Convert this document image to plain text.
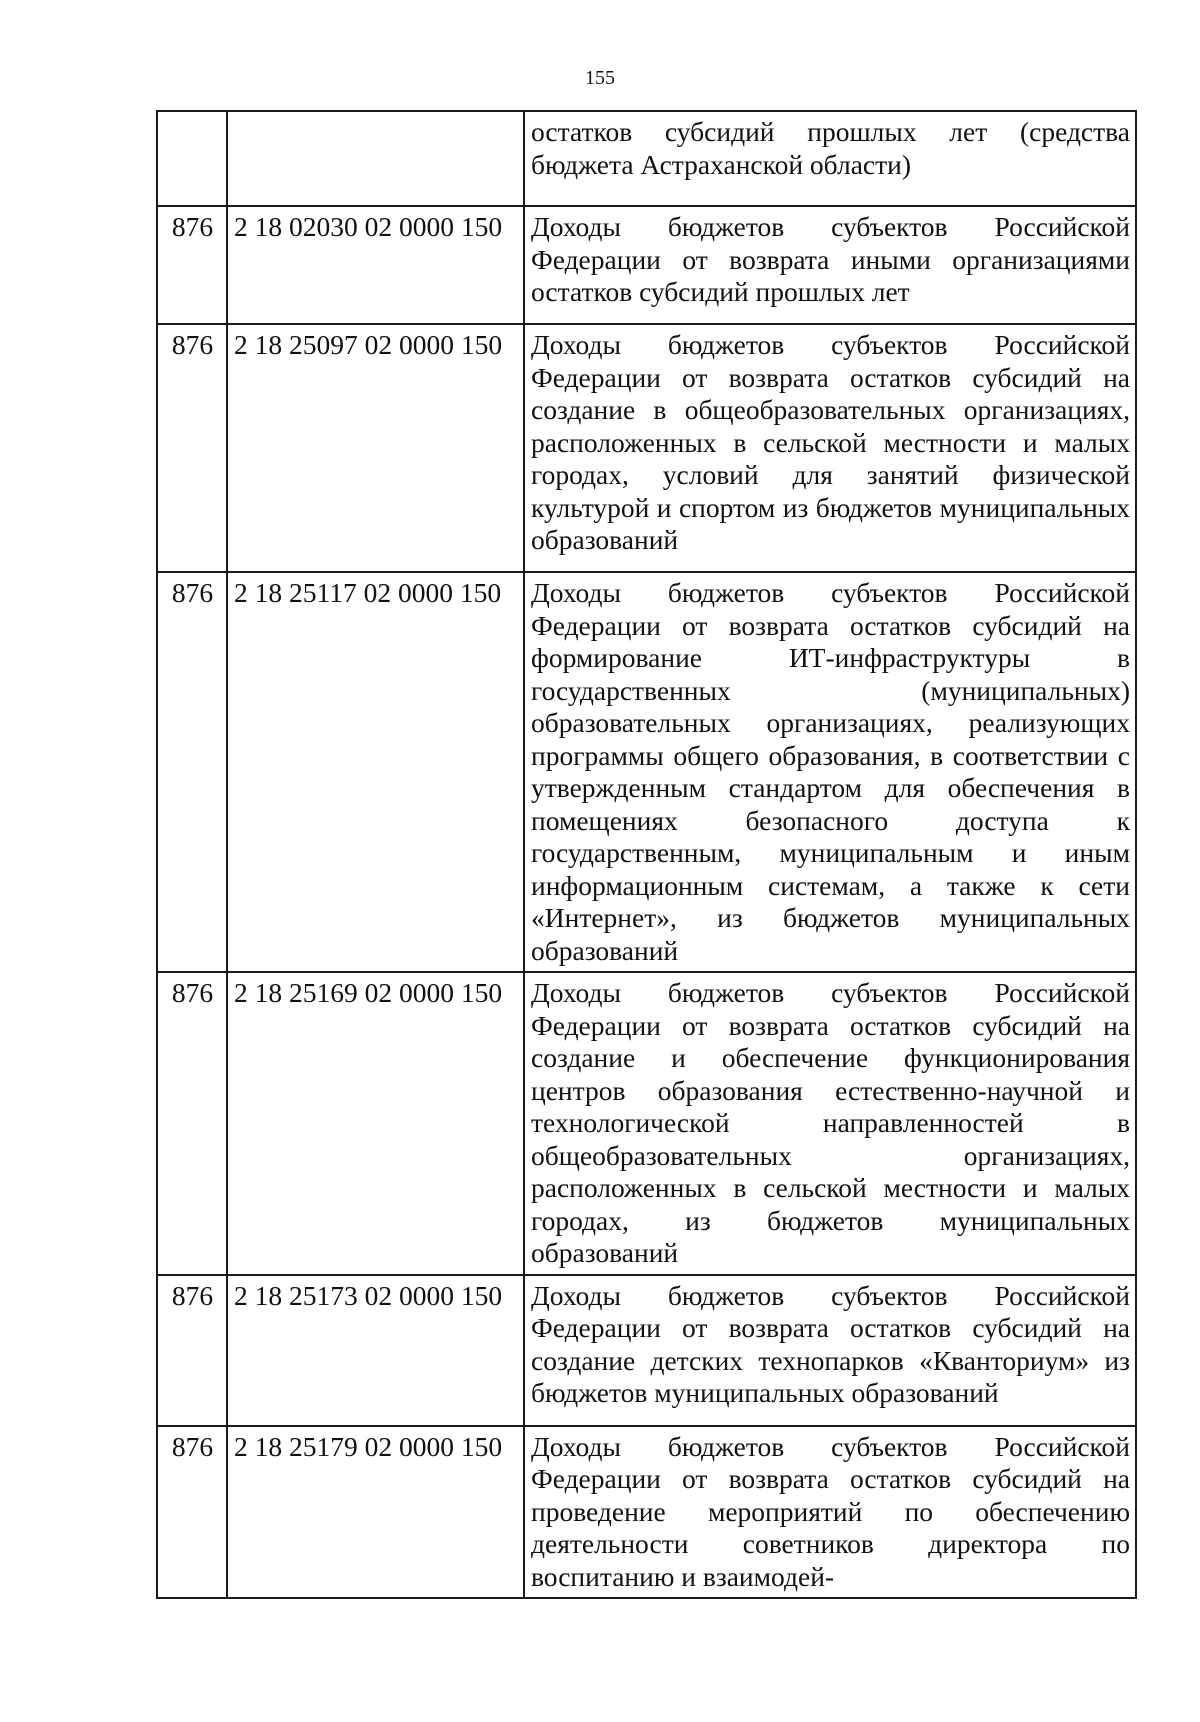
155
		остатков субсидий прошлых лет (средства бюджета Астраханской области)
876	2 18 02030 02 0000 150	Доходы бюджетов субъектов Российской Федерации от возврата иными организациями остатков субсидий прошлых лет
876	2 18 25097 02 0000 150	Доходы бюджетов субъектов Российской Федерации от возврата остатков субсидий на создание в общеобразовательных организациях, расположенных в сельской местности и малых городах, условий для занятий физической культурой и спортом из бюджетов муниципальных образований
876	2 18 25117 02 0000 150	Доходы бюджетов субъектов Российской Федерации от возврата остатков субсидий на формирование ИТ-инфраструктуры в государственных (муниципальных) образовательных организациях, реализующих программы общего образования, в соответствии с утвержденным стандартом для обеспечения в помещениях безопасного доступа к государственным, муниципальным и иным информационным системам, а также к сети «Интернет», из бюджетов муниципальных образований
876	2 18 25169 02 0000 150	Доходы бюджетов субъектов Российской Федерации от возврата остатков субсидий на создание и обеспечение функционирования центров образования естественно-научной и технологической направленностей в общеобразовательных организациях, расположенных в сельской местности и малых городах, из бюджетов муниципальных образований
876	2 18 25173 02 0000 150	Доходы бюджетов субъектов Российской Федерации от возврата остатков субсидий на создание детских технопарков «Кванториум» из бюджетов муниципальных образований
876	2 18 25179 02 0000 150	Доходы бюджетов субъектов Российской Федерации от возврата остатков субсидий на проведение мероприятий по обеспечению деятельности советников директора по воспитанию и взаимодей-
